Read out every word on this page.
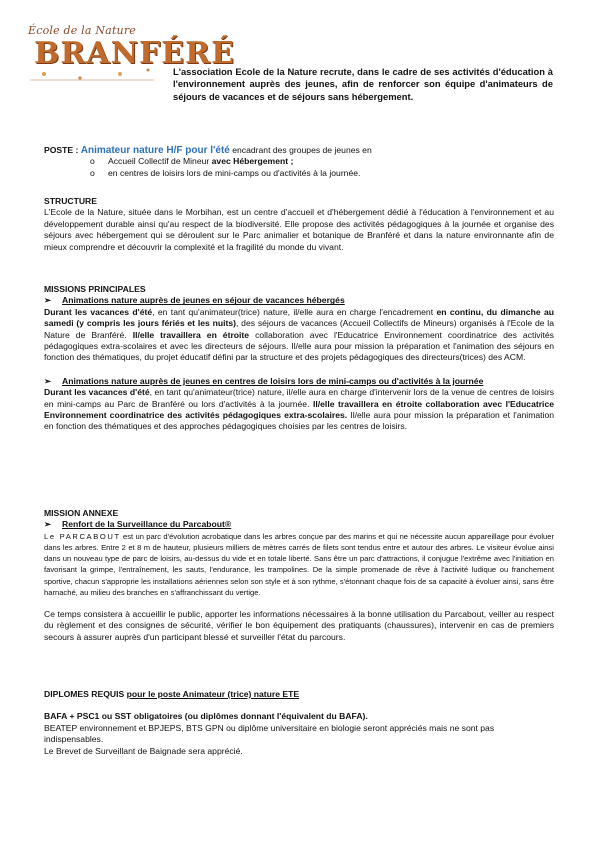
École de la Nature
BRANFÉRÉ
L'association Ecole de la Nature recrute, dans le cadre de ses activités d'éducation à l'environnement auprès des jeunes, afin de renforcer son équipe d'animateurs de séjours de vacances et de séjours sans hébergement.
POSTE : Animateur nature H/F pour l'été encadrant des groupes de jeunes en
o	Accueil Collectif de Mineur avec Hébergement ;
o	en centres de loisirs lors de mini-camps ou d'activités à la journée.
STRUCTURE
L'Ecole de la Nature, située dans le Morbihan, est un centre d'accueil et d'hébergement dédié à l'éducation à l'environnement et au développement durable ainsi qu'au respect de la biodiversité. Elle propose des activités pédagogiques à la journée et organise des séjours avec hébergement qui se déroulent sur le Parc animalier et botanique de Branféré et dans la nature environnante afin de mieux comprendre et découvrir la complexité et la fragilité du monde du vivant.
MISSIONS PRINCIPALES
➢	Animations nature auprès de jeunes en séjour de vacances hébergés
Durant les vacances d'été, en tant qu'animateur(trice) nature, il/elle aura en charge l'encadrement en continu, du dimanche au samedi (y compris les jours fériés et les nuits), des séjours de vacances (Accueil Collectifs de Mineurs) organisés à l'Ecole de la Nature de Branféré. Il/elle travaillera en étroite collaboration avec l'Educatrice Environnement coordinatrice des activités pédagogiques extra-scolaires et avec les directeurs de séjours. Il/elle aura pour mission la préparation et l'animation des séjours en fonction des thématiques, du projet éducatif défini par la structure et des projets pédagogiques des directeurs(trices) des ACM.
➢	Animations nature auprès de jeunes en centres de loisirs lors de mini-camps ou d'activités à la journée
Durant les vacances d'été, en tant qu'animateur(trice) nature, il/elle aura en charge d'intervenir lors de la venue de centres de loisirs en mini-camps au Parc de Branféré ou lors d'activités à la journée. Il/elle travaillera en étroite collaboration avec l'Educatrice Environnement coordinatrice des activités pédagogiques extra-scolaires. Il/elle aura pour mission la préparation et l'animation en fonction des thématiques et des approches pédagogiques choisies par les centres de loisirs.
MISSION ANNEXE
➢	Renfort de la Surveillance du Parcabout®
Le PARCABOUT est un parc d'évolution acrobatique dans les arbres conçue par des marins et qui ne nécessite aucun appareillage pour évoluer dans les arbres. Entre 2 et 8 m de hauteur, plusieurs milliers de mètres carrés de filets sont tendus entre et autour des arbres. Le visiteur évolue ainsi dans un nouveau type de parc de loisirs, au-dessus du vide et en totale liberté. Sans être un parc d'attractions, il conjugue l'extrême avec l'initiation en favorisant la grimpe, l'entraînement, les sauts, l'endurance, les trampolines. De la simple promenade de rêve à l'activité ludique ou franchement sportive, chacun s'approprie les installations aériennes selon son style et à son rythme, s'étonnant chaque fois de sa capacité à évoluer ainsi, sans être harnaché, au milieu des branches en s'affranchissant du vertige.
Ce temps consistera à accueillir le public, apporter les informations nécessaires à la bonne utilisation du Parcabout, veiller au respect du règlement et des consignes de sécurité, vérifier le bon équipement des pratiquants (chaussures), intervenir en cas de premiers secours à assurer auprès d'un participant blessé et surveiller l'état du parcours.
DIPLOMES REQUIS pour le poste Animateur (trice) nature ETE
BAFA + PSC1 ou SST obligatoires (ou diplômes donnant l'équivalent du BAFA).
BEATEP environnement et BPJEPS, BTS GPN ou diplôme universitaire en biologie seront appréciés mais ne sont pas indispensables.
Le Brevet de Surveillant de Baignade sera apprécié.
